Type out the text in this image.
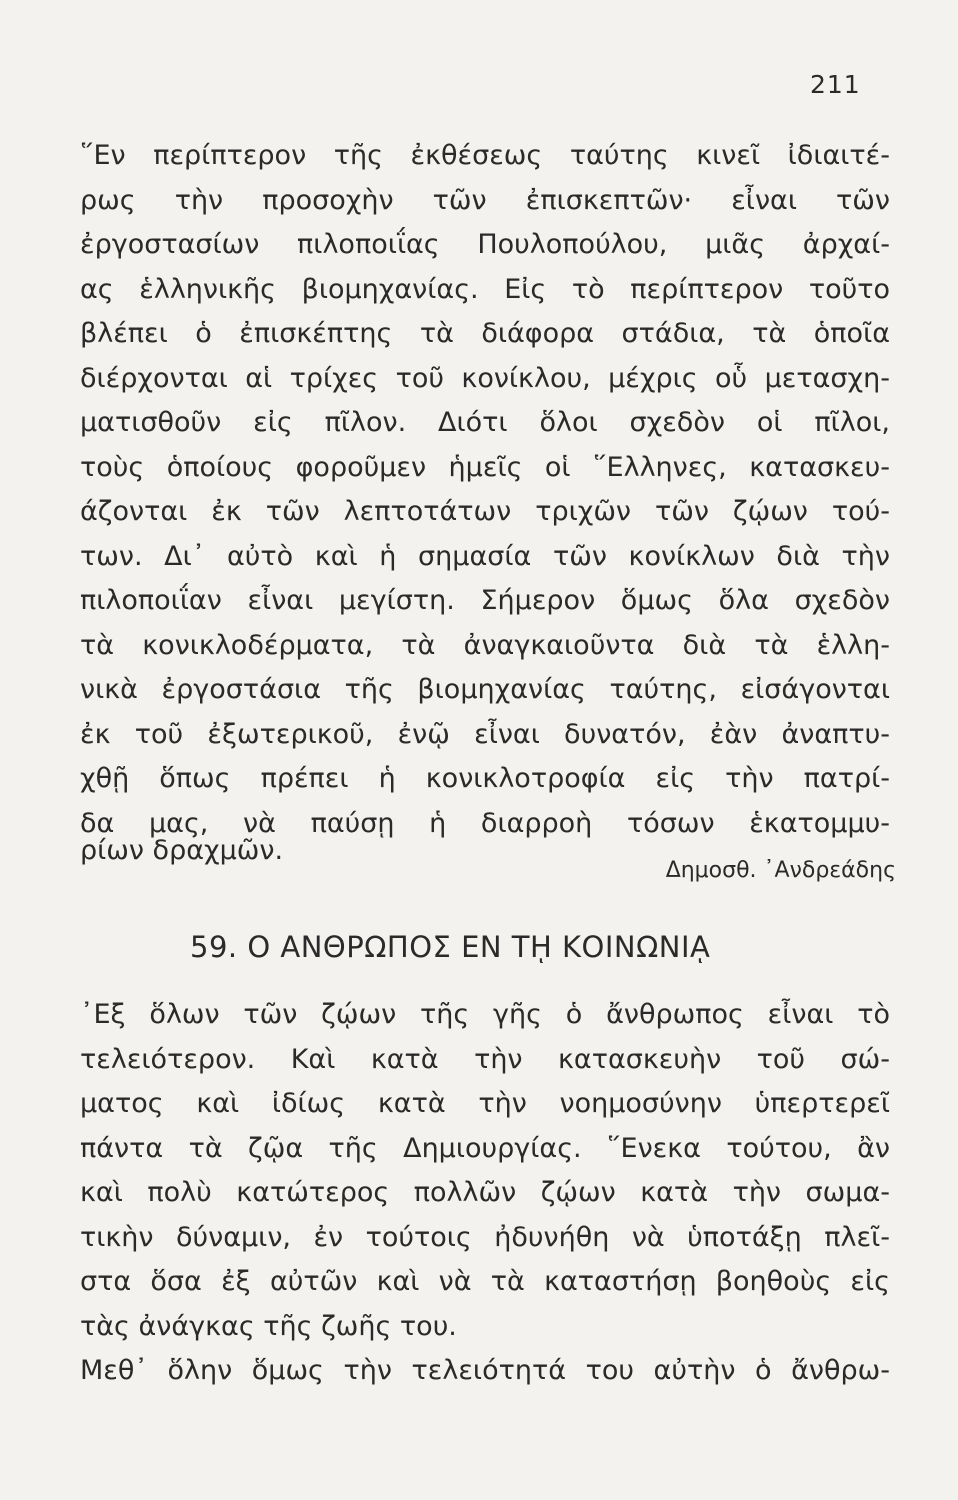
211
῞Εν περίπτερον τῆς ἐκθέσεως ταύτης κινεῖ ἰδιαιτέ-
ρως τὴν προσοχὴν τῶν ἐπισκεπτῶν· εἶναι τῶν
ἐργοστασίων πιλοποιΐας Πουλοπούλου, μιᾶς ἀρχαί-
ας ἑλληνικῆς βιομηχανίας. Εἰς τὸ περίπτερον τοῦτο
βλέπει ὁ ἐπισκέπτης τὰ διάφορα στάδια, τὰ ὁποῖα
διέρχονται αἱ τρίχες τοῦ κονίκλου, μέχρις οὗ μετασχη-
ματισθοῦν εἰς πῖλον. Διότι ὅλοι σχεδὸν οἱ πῖλοι,
τοὺς ὁποίους φοροῦμεν ἡμεῖς οἱ ῞Ελληνες, κατασκευ-
άζονται ἐκ τῶν λεπτοτάτων τριχῶν τῶν ζῴων τού-
των. Δι᾽ αὐτὸ καὶ ἡ σημασία τῶν κονίκλων διὰ τὴν
πιλοποιΐαν εἶναι μεγίστη. Σήμερον ὅμως ὅλα σχεδὸν
τὰ κονικλοδέρματα, τὰ ἀναγκαιοῦντα διὰ τὰ ἑλλη-
νικὰ ἐργοστάσια τῆς βιομηχανίας ταύτης, εἰσάγονται
ἐκ τοῦ ἐξωτερικοῦ, ἐνῷ εἶναι δυνατόν, ἐὰν ἀναπτυ-
χθῇ ὅπως πρέπει ἡ κονικλοτροφία εἰς τὴν πατρί-
δα μας, νὰ παύσῃ ἡ διαρροὴ τόσων ἑκατομμυ-
ρίων δραχμῶν.
Δημοσθ. ᾽Ανδρεάδης
59. Ο ΑΝΘΡΩΠΟΣ ΕΝ Τῌ ΚΟΙΝΩΝΙᾼ
᾽Εξ ὅλων τῶν ζῴων τῆς γῆς ὁ ἄνθρωπος εἶναι τὸ
τελειότερον. Καὶ κατὰ τὴν κατασκευὴν τοῦ σώ-
ματος καὶ ἰδίως κατὰ τὴν νοημοσύνην ὑπερτερεῖ
πάντα τὰ ζῷα τῆς Δημιουργίας. ῞Ενεκα τούτου, ἂν
καὶ πολὺ κατώτερος πολλῶν ζῴων κατὰ τὴν σωμα-
τικὴν δύναμιν, ἐν τούτοις ἠδυνήθη νὰ ὑποτάξῃ πλεῖ-
στα ὅσα ἐξ αὐτῶν καὶ νὰ τὰ καταστήσῃ βοηθοὺς εἰς
τὰς ἀνάγκας τῆς ζωῆς του.
Μεθ᾽ ὅλην ὅμως τὴν τελειότητά του αὐτὴν ὁ ἄνθρω-
